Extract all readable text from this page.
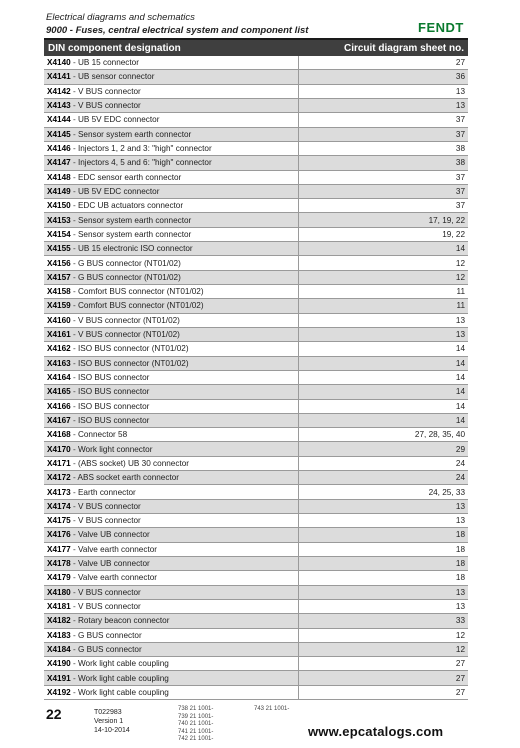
Electrical diagrams and schematics
9000 - Fuses, central electrical system and component list	FENDT
DIN component designation	Circuit diagram sheet no.
X4140 - UB 15 connector	27
X4141 - UB sensor connector	36
X4142 - V BUS connector	13
X4143 - V BUS connector	13
X4144 - UB 5V EDC connector	37
X4145 - Sensor system earth connector	37
X4146 - Injectors 1, 2 and 3: "high" connector	38
X4147 - Injectors 4, 5 and 6: "high" connector	38
X4148 - EDC sensor earth connector	37
X4149 - UB 5V EDC connector	37
X4150 - EDC UB actuators connector	37
X4153 - Sensor system earth connector	17, 19, 22
X4154 - Sensor system earth connector	19, 22
X4155 - UB 15 electronic ISO connector	14
X4156 - G BUS connector (NT01/02)	12
X4157 - G BUS connector (NT01/02)	12
X4158 - Comfort BUS connector (NT01/02)	11
X4159 - Comfort BUS connector (NT01/02)	11
X4160 - V BUS connector (NT01/02)	13
X4161 - V BUS connector (NT01/02)	13
X4162 - ISO BUS connector (NT01/02)	14
X4163 - ISO BUS connector (NT01/02)	14
X4164 - ISO BUS connector	14
X4165 - ISO BUS connector	14
X4166 - ISO BUS connector	14
X4167 - ISO BUS connector	14
X4168 - Connector 58	27, 28, 35, 40
X4170 - Work light connector	29
X4171 - (ABS socket) UB 30 connector	24
X4172 - ABS socket earth connector	24
X4173 - Earth connector	24, 25, 33
X4174 - V BUS connector	13
X4175 - V BUS connector	13
X4176 - Valve UB connector	18
X4177 - Valve earth connector	18
X4178 - Valve UB connector	18
X4179 - Valve earth connector	18
X4180 - V BUS connector	13
X4181 - V BUS connector	13
X4182 - Rotary beacon connector	33
X4183 - G BUS connector	12
X4184 - G BUS connector	12
X4190 - Work light cable coupling	27
X4191 - Work light cable coupling	27
X4192 - Work light cable coupling	27
22	T022983
Version 1
14-10-2014
738 21 1001-
739 21 1001-
740 21 1001-
741 21 1001-
742 21 1001-
743 21 1001-
www.epcatalogs.com
